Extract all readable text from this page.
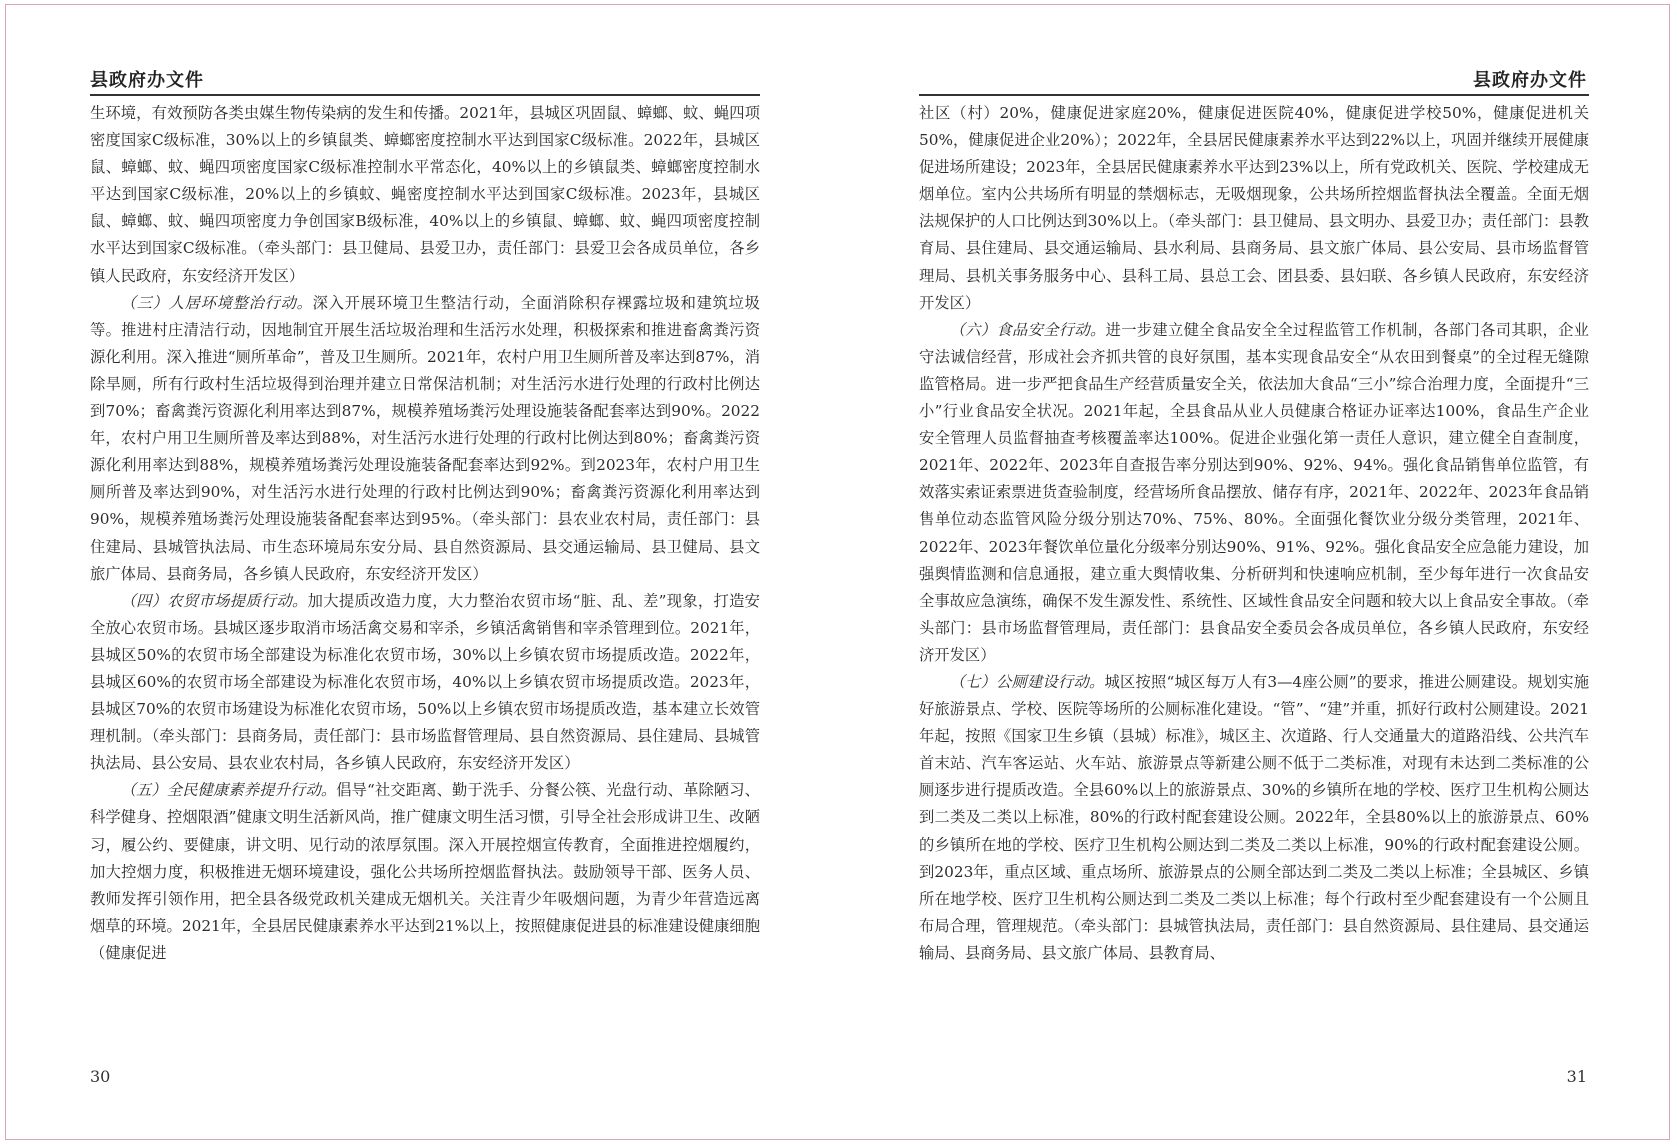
县政府办文件

生环境，有效预防各类虫媒生物传染病的发生和传播。2021年，县城区巩固鼠、蟑螂、蚊、蝇四项密度国家C级标准，30%以上的乡镇鼠类、蟑螂密度控制水平达到国家C级标准。2022年，县城区鼠、蟑螂、蚊、蝇四项密度国家C级标准控制水平常态化，40%以上的乡镇鼠类、蟑螂密度控制水平达到国家C级标准，20%以上的乡镇蚊、蝇密度控制水平达到国家C级标准。2023年，县城区鼠、蟑螂、蚊、蝇四项密度力争创国家B级标准，40%以上的乡镇鼠、蟑螂、蚊、蝇四项密度控制水平达到国家C级标准。（牵头部门：县卫健局、县爱卫办，责任部门：县爱卫会各成员单位，各乡镇人民政府，东安经济开发区）

（三）人居环境整治行动。深入开展环境卫生整洁行动，全面消除积存裸露垃圾和建筑垃圾等。推进村庄清洁行动，因地制宜开展生活垃圾治理和生活污水处理，积极探索和推进畜禽粪污资源化利用。深入推进“厕所革命”，普及卫生厕所。2021年，农村户用卫生厕所普及率达到87%，消除旱厕，所有行政村生活垃圾得到治理并建立日常保洁机制；对生活污水进行处理的行政村比例达到70%；畜禽粪污资源化利用率达到87%，规模养殖场粪污处理设施装备配套率达到90%。2022年，农村户用卫生厕所普及率达到88%，对生活污水进行处理的行政村比例达到80%；畜禽粪污资源化利用率达到88%，规模养殖场粪污处理设施装备配套率达到92%。到2023年，农村户用卫生厕所普及率达到90%，对生活污水进行处理的行政村比例达到90%；畜禽粪污资源化利用率达到90%，规模养殖场粪污处理设施装备配套率达到95%。（牵头部门：县农业农村局，责任部门：县住建局、县城管执法局、市生态环境局东安分局、县自然资源局、县交通运输局、县卫健局、县文旅广体局、县商务局，各乡镇人民政府，东安经济开发区）

（四）农贸市场提质行动。加大提质改造力度，大力整治农贸市场“脏、乱、差”现象，打造安全放心农贸市场。县城区逐步取消市场活禽交易和宰杀，乡镇活禽销售和宰杀管理到位。2021年，县城区50%的农贸市场全部建设为标准化农贸市场，30%以上乡镇农贸市场提质改造。2022年，县城区60%的农贸市场全部建设为标准化农贸市场，40%以上乡镇农贸市场提质改造。2023年，县城区70%的农贸市场建设为标准化农贸市场，50%以上乡镇农贸市场提质改造，基本建立长效管理机制。（牵头部门：县商务局，责任部门：县市场监督管理局、县自然资源局、县住建局、县城管执法局、县公安局、县农业农村局，各乡镇人民政府，东安经济开发区）

（五）全民健康素养提升行动。倡导“社交距离、勤于洗手、分餐公筷、光盘行动、革除陋习、科学健身、控烟限酒”健康文明生活新风尚，推广健康文明生活习惯，引导全社会形成讲卫生、改陋习，履公约、要健康，讲文明、见行动的浓厚氛围。深入开展控烟宣传教育，全面推进控烟履约，加大控烟力度，积极推进无烟环境建设，强化公共场所控烟监督执法。鼓励领导干部、医务人员、教师发挥引领作用，把全县各级党政机关建成无烟机关。关注青少年吸烟问题，为青少年营造远离烟草的环境。2021年，全县居民健康素养水平达到21%以上，按照健康促进县的标准建设健康细胞（健康促进

30
县政府办文件

社区（村）20%，健康促进家庭20%，健康促进医院40%，健康促进学校50%，健康促进机关50%，健康促进企业20%）；2022年，全县居民健康素养水平达到22%以上，巩固并继续开展健康促进场所建设；2023年，全县居民健康素养水平达到23%以上，所有党政机关、医院、学校建成无烟单位。室内公共场所有明显的禁烟标志，无吸烟现象，公共场所控烟监督执法全覆盖。全面无烟法规保护的人口比例达到30%以上。（牵头部门：县卫健局、县文明办、县爱卫办；责任部门：县教育局、县住建局、县交通运输局、县水利局、县商务局、县文旅广体局、县公安局、县市场监督管理局、县机关事务服务中心、县科工局、县总工会、团县委、县妇联、各乡镇人民政府，东安经济开发区）

（六）食品安全行动。进一步建立健全食品安全全过程监管工作机制，各部门各司其职，企业守法诚信经营，形成社会齐抓共管的良好氛围，基本实现食品安全“从农田到餐桌”的全过程无缝隙监管格局。进一步严把食品生产经营质量安全关，依法加大食品“三小”综合治理力度，全面提升“三小”行业食品安全状况。2021年起，全县食品从业人员健康合格证办证率达100%，食品生产企业安全管理人员监督抽查考核覆盖率达100%。促进企业强化第一责任人意识，建立健全自查制度，2021年、2022年、2023年自查报告率分别达到90%、92%、94%。强化食品销售单位监管，有效落实索证索票进货查验制度，经营场所食品摆放、储存有序，2021年、2022年、2023年食品销售单位动态监管风险分级分别达70%、75%、80%。全面强化餐饮业分级分类管理，2021年、2022年、2023年餐饮单位量化分级率分别达90%、91%、92%。强化食品安全应急能力建设，加强舆情监测和信息通报，建立重大舆情收集、分析研判和快速响应机制，至少每年进行一次食品安全事故应急演练，确保不发生源发性、系统性、区域性食品安全问题和较大以上食品安全事故。（牵头部门：县市场监督管理局，责任部门：县食品安全委员会各成员单位，各乡镇人民政府，东安经济开发区）

（七）公厕建设行动。城区按照“城区每万人有3—4座公厕”的要求，推进公厕建设。规划实施好旅游景点、学校、医院等场所的公厕标准化建设。“管”、“建”并重，抓好行政村公厕建设。2021年起，按照《国家卫生乡镇（县城）标准》，城区主、次道路、行人交通量大的道路沿线、公共汽车首末站、汽车客运站、火车站、旅游景点等新建公厕不低于二类标准，对现有未达到二类标准的公厕逐步进行提质改造。全县60%以上的旅游景点、30%的乡镇所在地的学校、医疗卫生机构公厕达到二类及二类以上标准，80%的行政村配套建设公厕。2022年，全县80%以上的旅游景点、60%的乡镇所在地的学校、医疗卫生机构公厕达到二类及二类以上标准，90%的行政村配套建设公厕。到2023年，重点区域、重点场所、旅游景点的公厕全部达到二类及二类以上标准；全县城区、乡镇所在地学校、医疗卫生机构公厕达到二类及二类以上标准；每个行政村至少配套建设有一个公厕且布局合理，管理规范。（牵头部门：县城管执法局，责任部门：县自然资源局、县住建局、县交通运输局、县商务局、县文旅广体局、县教育局、

31
